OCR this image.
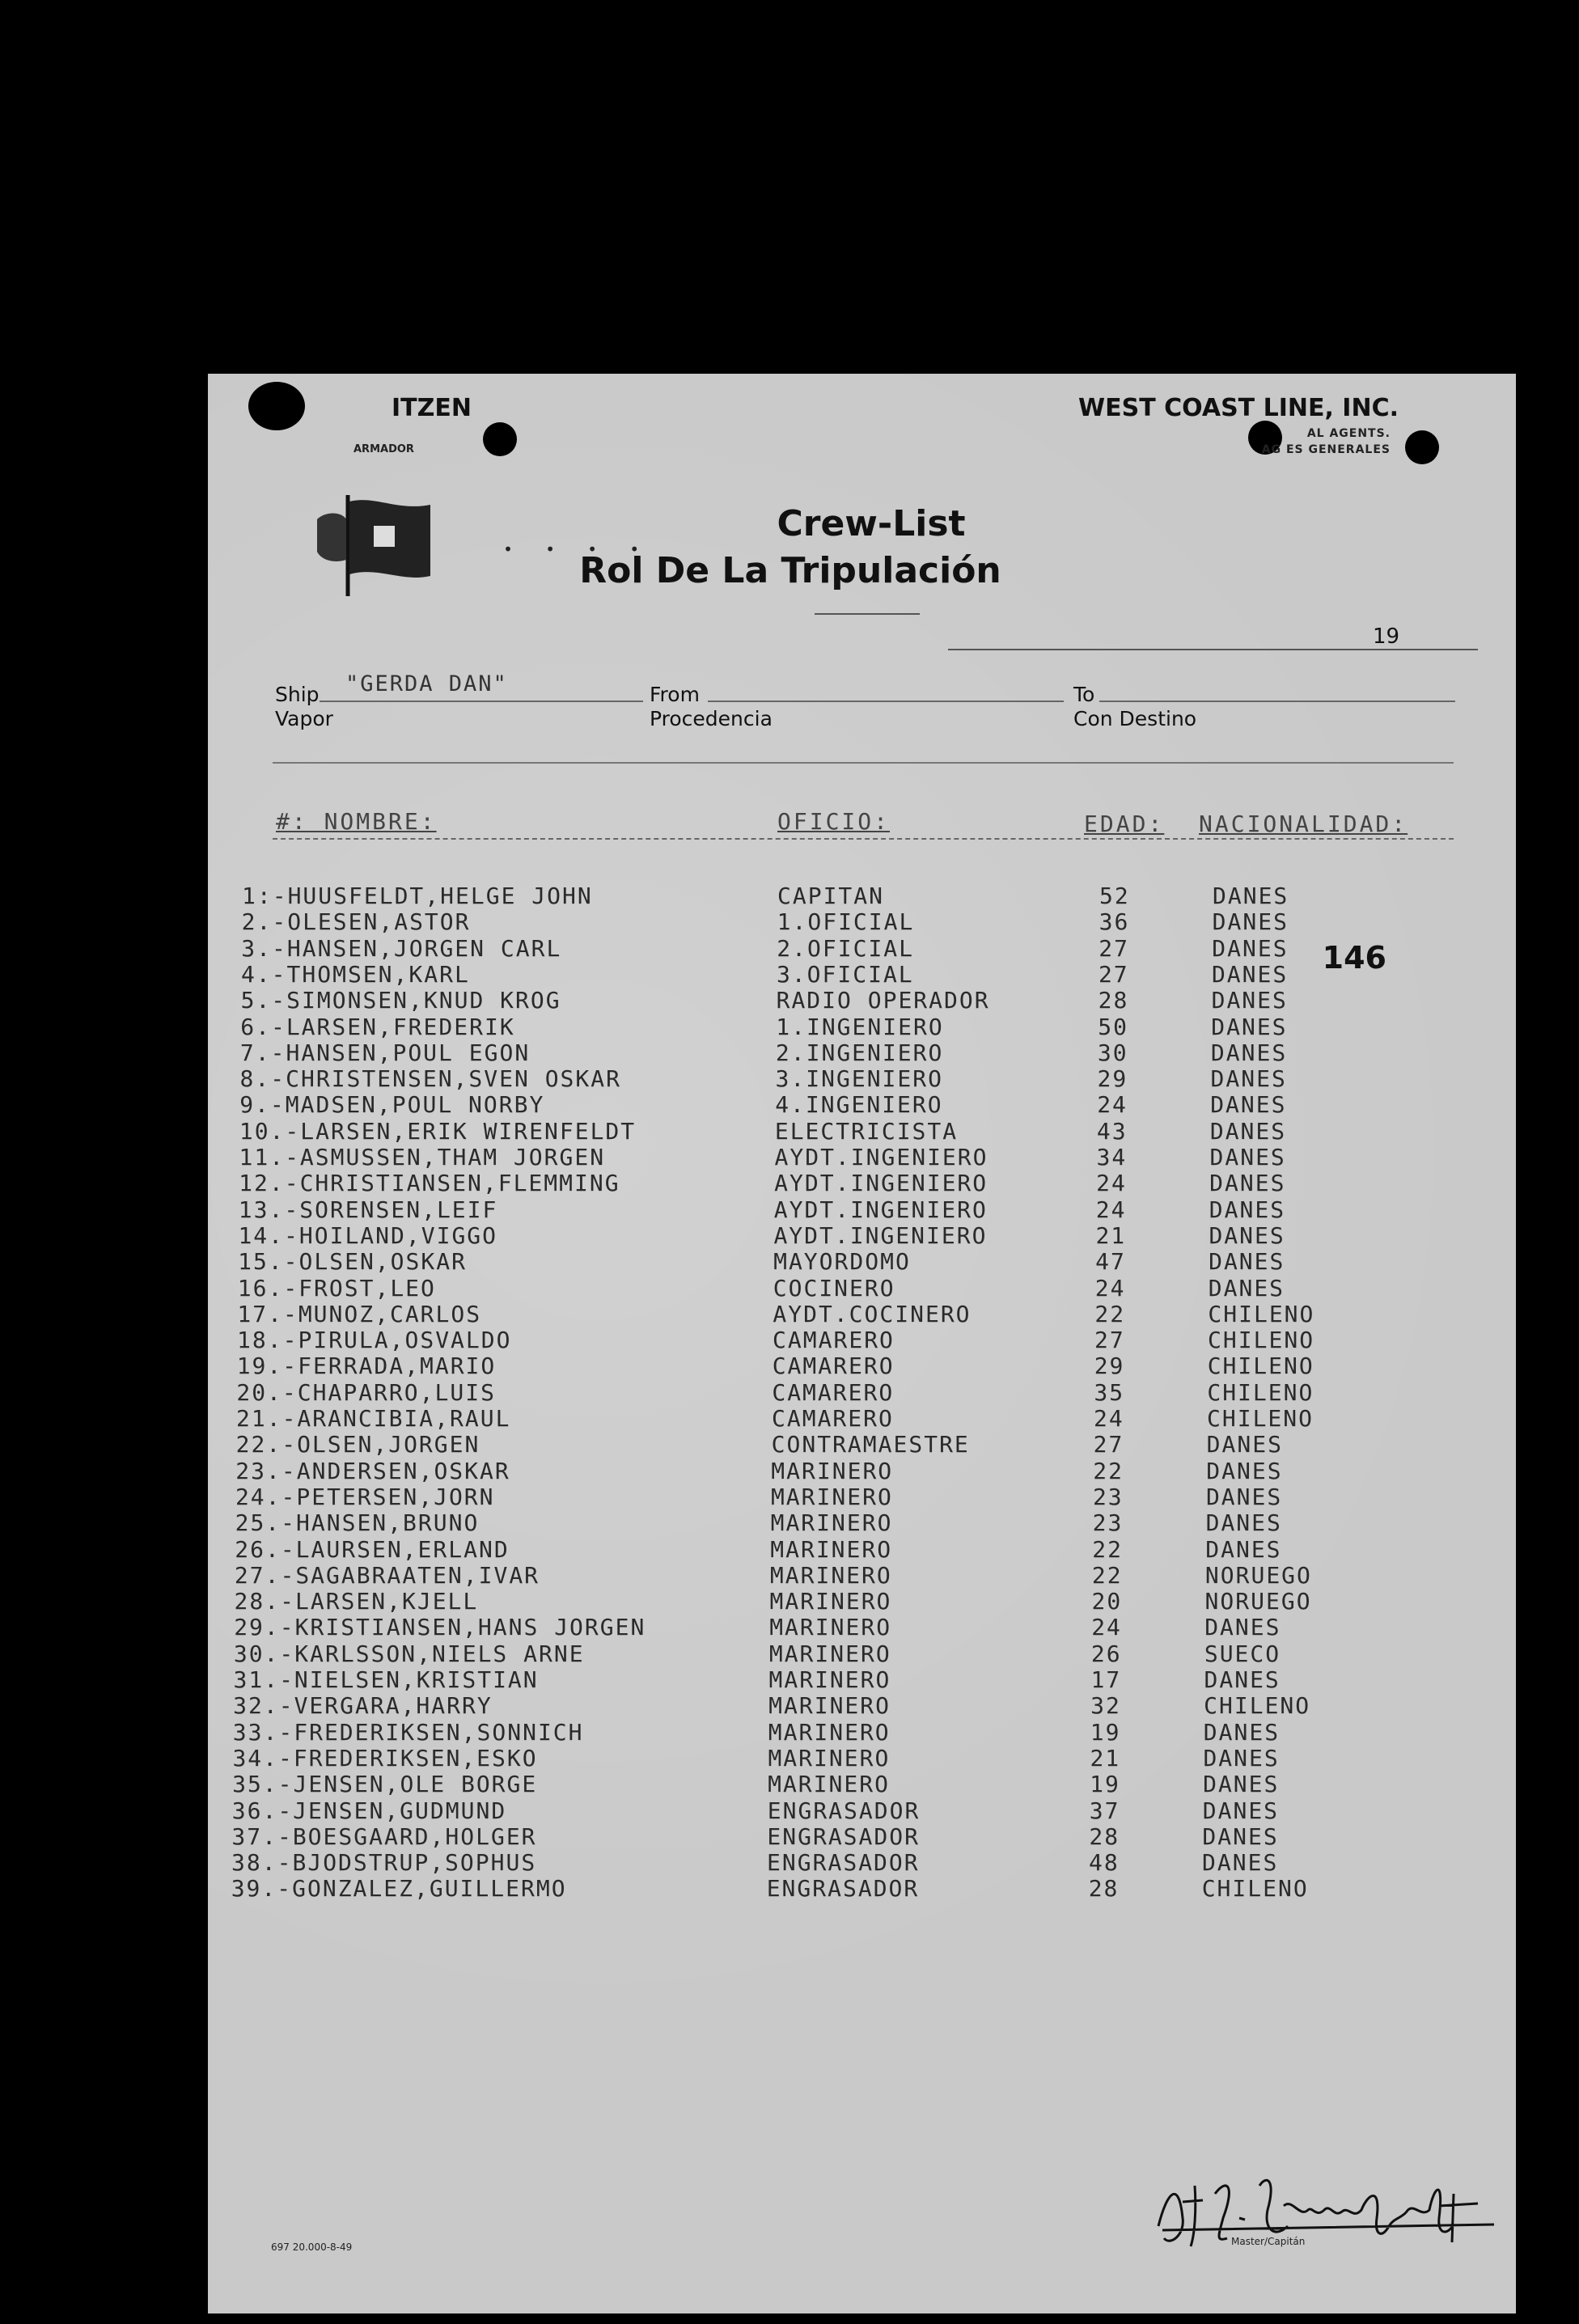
ITZEN
ARMADOR
WEST COAST LINE, INC.
AL AGENTS.
AG ES GENERALES
• • • •
Crew-List
Rol De La Tripulación
19
Ship
Vapor
"GERDA DAN"	From
Procedencia
To
Con Destino
#: NOMBRE:	OFICIO:	EDAD: NACIONALIDAD:
146
1:-HUUSFELDT,HELGE JOHN	CAPITAN	52	DANES
2.-OLESEN,ASTOR	1.OFICIAL	36	DANES
3.-HANSEN,JORGEN CARL	2.OFICIAL	27	DANES
4.-THOMSEN,KARL	3.OFICIAL	27	DANES
5.-SIMONSEN,KNUD KROG	RADIO OPERADOR	28	DANES
6.-LARSEN,FREDERIK	1.INGENIERO	50	DANES
7.-HANSEN,POUL EGON	2.INGENIERO	30	DANES
8.-CHRISTENSEN,SVEN OSKAR	3.INGENIERO	29	DANES
9.-MADSEN,POUL NORBY	4.INGENIERO	24	DANES
10.-LARSEN,ERIK WIRENFELDT	ELECTRICISTA	43	DANES
11.-ASMUSSEN,THAM JORGEN	AYDT.INGENIERO	34	DANES
12.-CHRISTIANSEN,FLEMMING	AYDT.INGENIERO	24	DANES
13.-SORENSEN,LEIF	AYDT.INGENIERO	24	DANES
14.-HOILAND,VIGGO	AYDT.INGENIERO	21	DANES
15.-OLSEN,OSKAR	MAYORDOMO	47	DANES
16.-FROST,LEO	COCINERO	24	DANES
17.-MUNOZ,CARLOS	AYDT.COCINERO	22	CHILENO
18.-PIRULA,OSVALDO	CAMARERO	27	CHILENO
19.-FERRADA,MARIO	CAMARERO	29	CHILENO
20.-CHAPARRO,LUIS	CAMARERO	35	CHILENO
21.-ARANCIBIA,RAUL	CAMARERO	24	CHILENO
22.-OLSEN,JORGEN	CONTRAMAESTRE	27	DANES
23.-ANDERSEN,OSKAR	MARINERO	22	DANES
24.-PETERSEN,JORN	MARINERO	23	DANES
25.-HANSEN,BRUNO	MARINERO	23	DANES
26.-LAURSEN,ERLAND	MARINERO	22	DANES
27.-SAGABRAATEN,IVAR	MARINERO	22	NORUEGO
28.-LARSEN,KJELL	MARINERO	20	NORUEGO
29.-KRISTIANSEN,HANS JORGEN	MARINERO	24	DANES
30.-KARLSSON,NIELS ARNE	MARINERO	26	SUECO
31.-NIELSEN,KRISTIAN	MARINERO	17	DANES
32.-VERGARA,HARRY	MARINERO	32	CHILENO
33.-FREDERIKSEN,SONNICH	MARINERO	19	DANES
34.-FREDERIKSEN,ESKO	MARINERO	21	DANES
35.-JENSEN,OLE BORGE	MARINERO	19	DANES
36.-JENSEN,GUDMUND	ENGRASADOR	37	DANES
37.-BOESGAARD,HOLGER	ENGRASADOR	28	DANES
38.-BJODSTRUP,SOPHUS	ENGRASADOR	48	DANES
39.-GONZALEZ,GUILLERMO	ENGRASADOR	28	CHILENO
697 20.000-8-49	Master/Capitán
